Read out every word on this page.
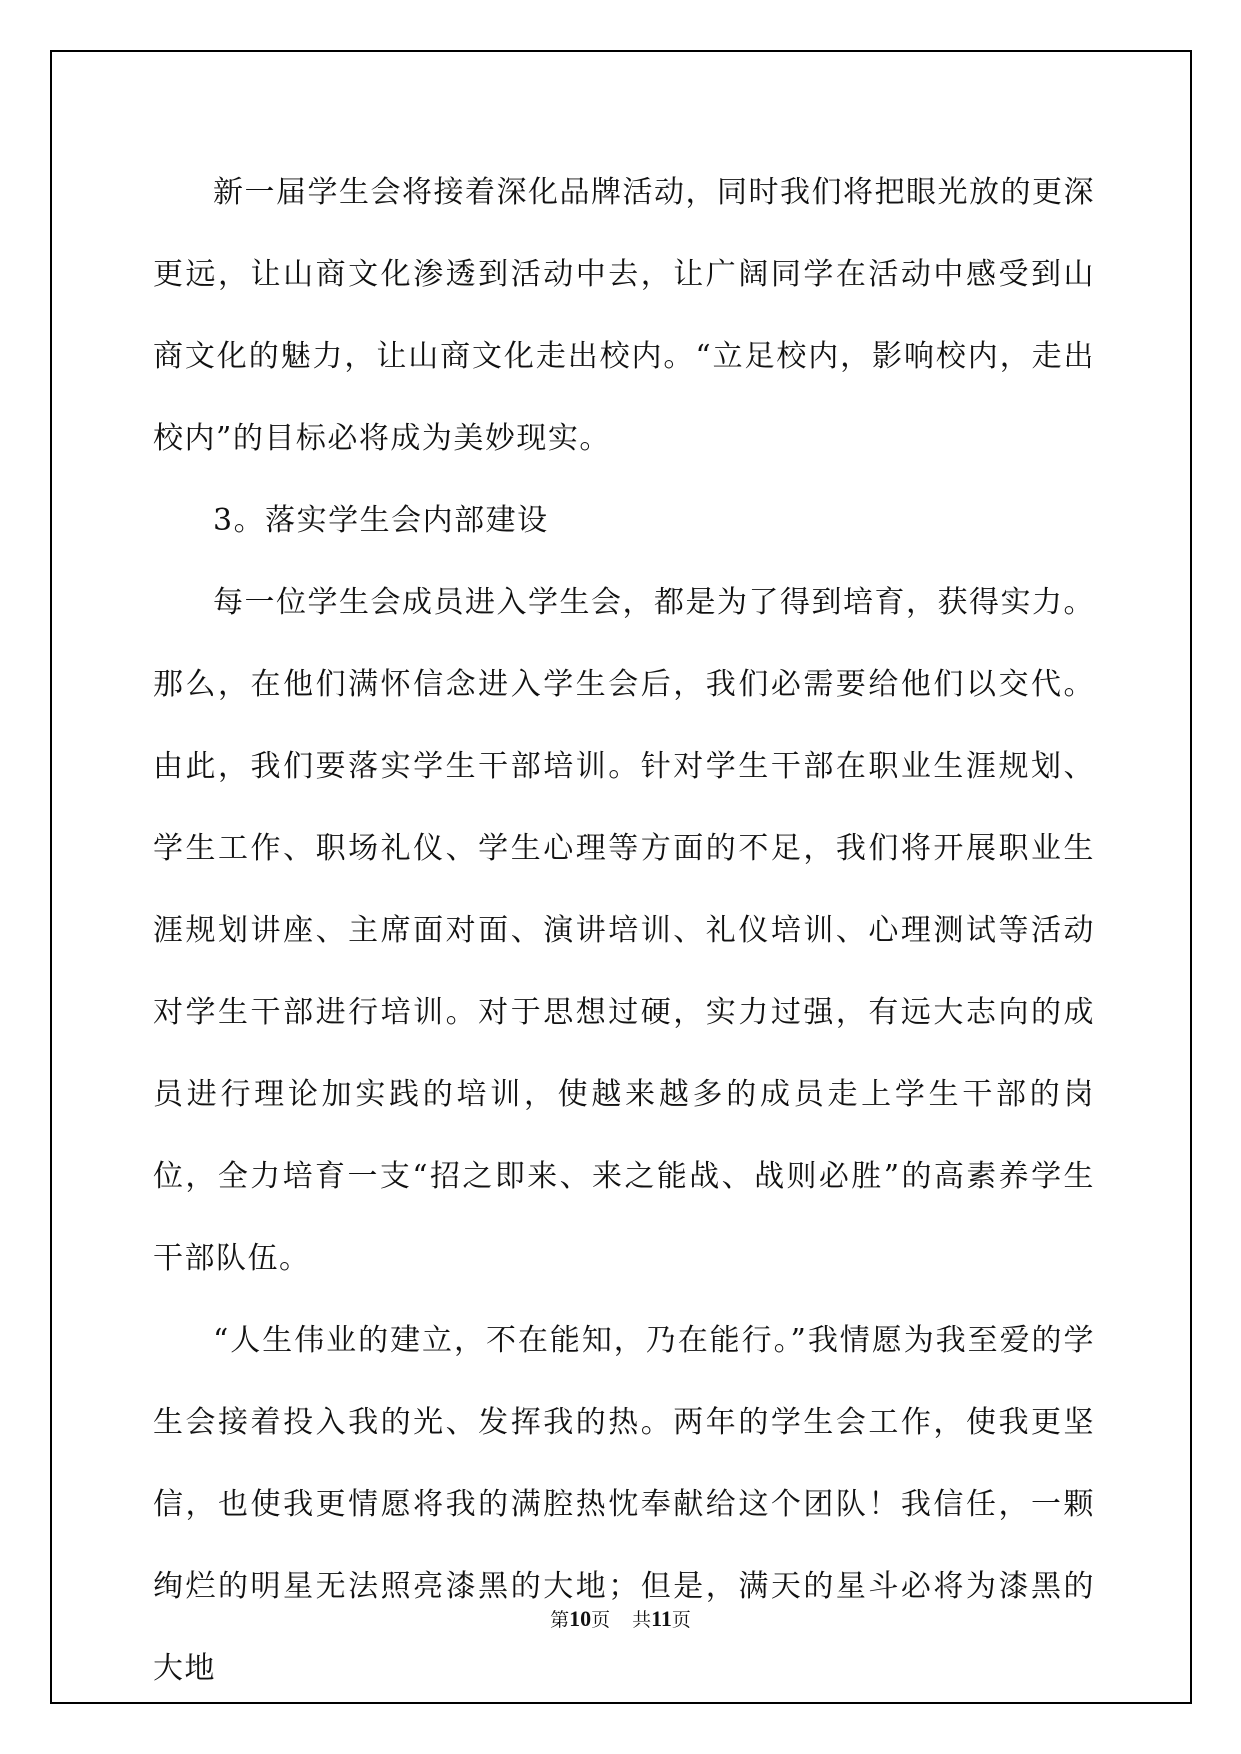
新一届学生会将接着深化品牌活动，同时我们将把眼光放的更深更远，让山商文化渗透到活动中去，让广阔同学在活动中感受到山商文化的魅力，让山商文化走出校内。“立足校内，影响校内，走出校内”的目标必将成为美妙现实。

3。落实学生会内部建设

每一位学生会成员进入学生会，都是为了得到培育，获得实力。那么，在他们满怀信念进入学生会后，我们必需要给他们以交代。由此，我们要落实学生干部培训。针对学生干部在职业生涯规划、学生工作、职场礼仪、学生心理等方面的不足，我们将开展职业生涯规划讲座、主席面对面、演讲培训、礼仪培训、心理测试等活动对学生干部进行培训。对于思想过硬，实力过强，有远大志向的成员进行理论加实践的培训，使越来越多的成员走上学生干部的岗位，全力培育一支“招之即来、来之能战、战则必胜”的高素养学生干部队伍。

“人生伟业的建立，不在能知，乃在能行。”我情愿为我至爱的学生会接着投入我的光、发挥我的热。两年的学生会工作，使我更坚信，也使我更情愿将我的满腔热忱奉献给这个团队！我信任，一颗绚烂的明星无法照亮漆黑的大地；但是，满天的星斗必将为漆黑的大地

第10页 共11页
